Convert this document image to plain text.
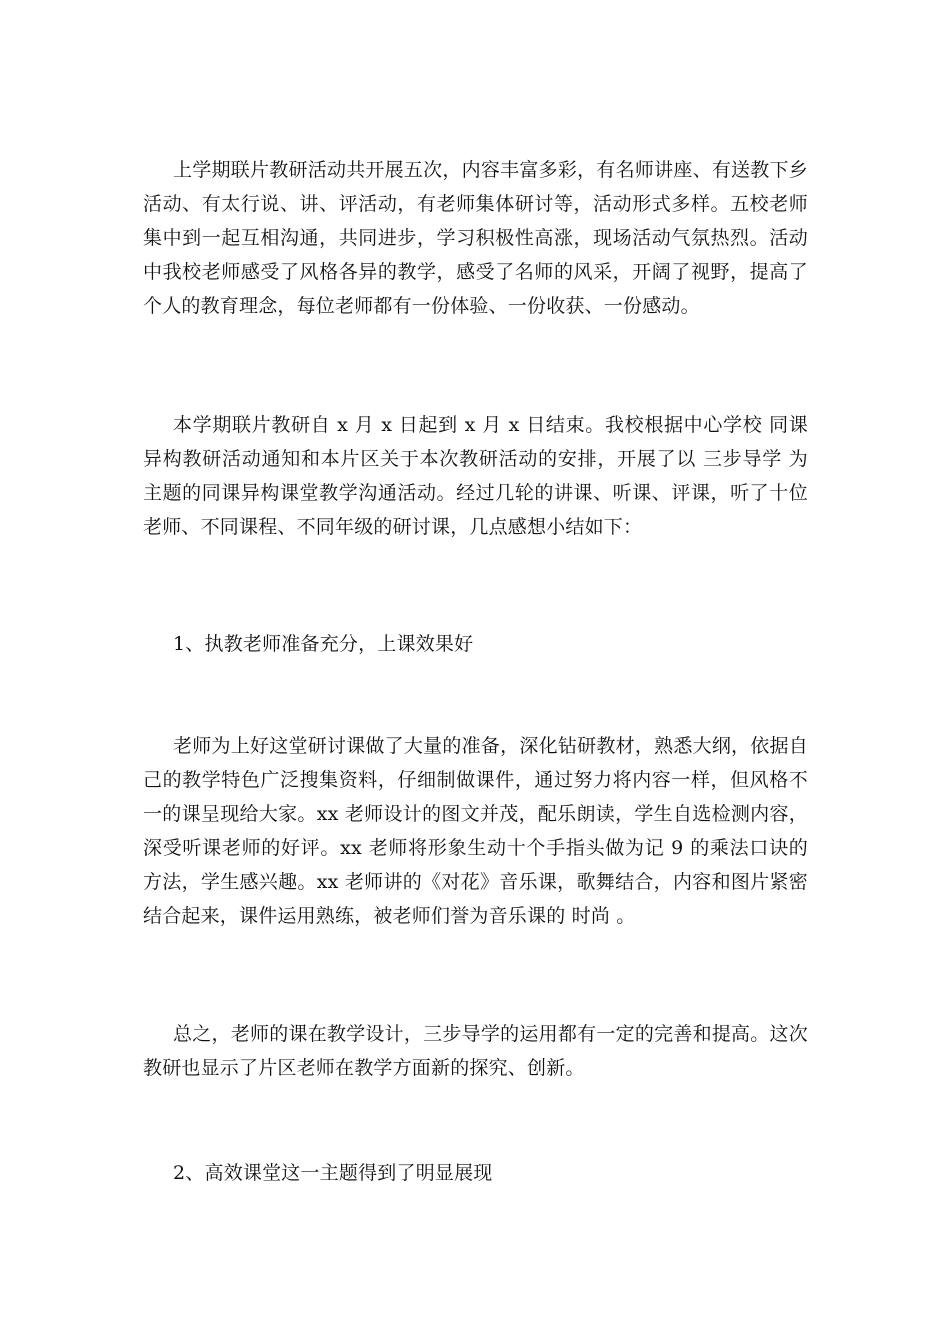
上学期联片教研活动共开展五次，内容丰富多彩，有名师讲座、有送教下乡活动、有太行说、讲、评活动，有老师集体研讨等，活动形式多样。五校老师集中到一起互相沟通，共同进步，学习积极性高涨，现场活动气氛热烈。活动中我校老师感受了风格各异的教学，感受了名师的风采，开阔了视野，提高了个人的教育理念，每位老师都有一份体验、一份收获、一份感动。

本学期联片教研自 x 月 x 日起到 x 月 x 日结束。我校根据中心学校 同课异构教研活动通知和本片区关于本次教研活动的安排，开展了以 三步导学 为主题的同课异构课堂教学沟通活动。经过几轮的讲课、听课、评课，听了十位老师、不同课程、不同年级的研讨课，几点感想小结如下：

1、执教老师准备充分，上课效果好

老师为上好这堂研讨课做了大量的准备，深化钻研教材，熟悉大纲，依据自己的教学特色广泛搜集资料，仔细制做课件，通过努力将内容一样，但风格不一的课呈现给大家。xx 老师设计的图文并茂，配乐朗读，学生自选检测内容，深受听课老师的好评。xx 老师将形象生动十个手指头做为记 9 的乘法口诀的方法，学生感兴趣。xx 老师讲的《对花》音乐课，歌舞结合，内容和图片紧密结合起来，课件运用熟练，被老师们誉为音乐课的 时尚 。

总之，老师的课在教学设计，三步导学的运用都有一定的完善和提高。这次教研也显示了片区老师在教学方面新的探究、创新。

2、高效课堂这一主题得到了明显展现
